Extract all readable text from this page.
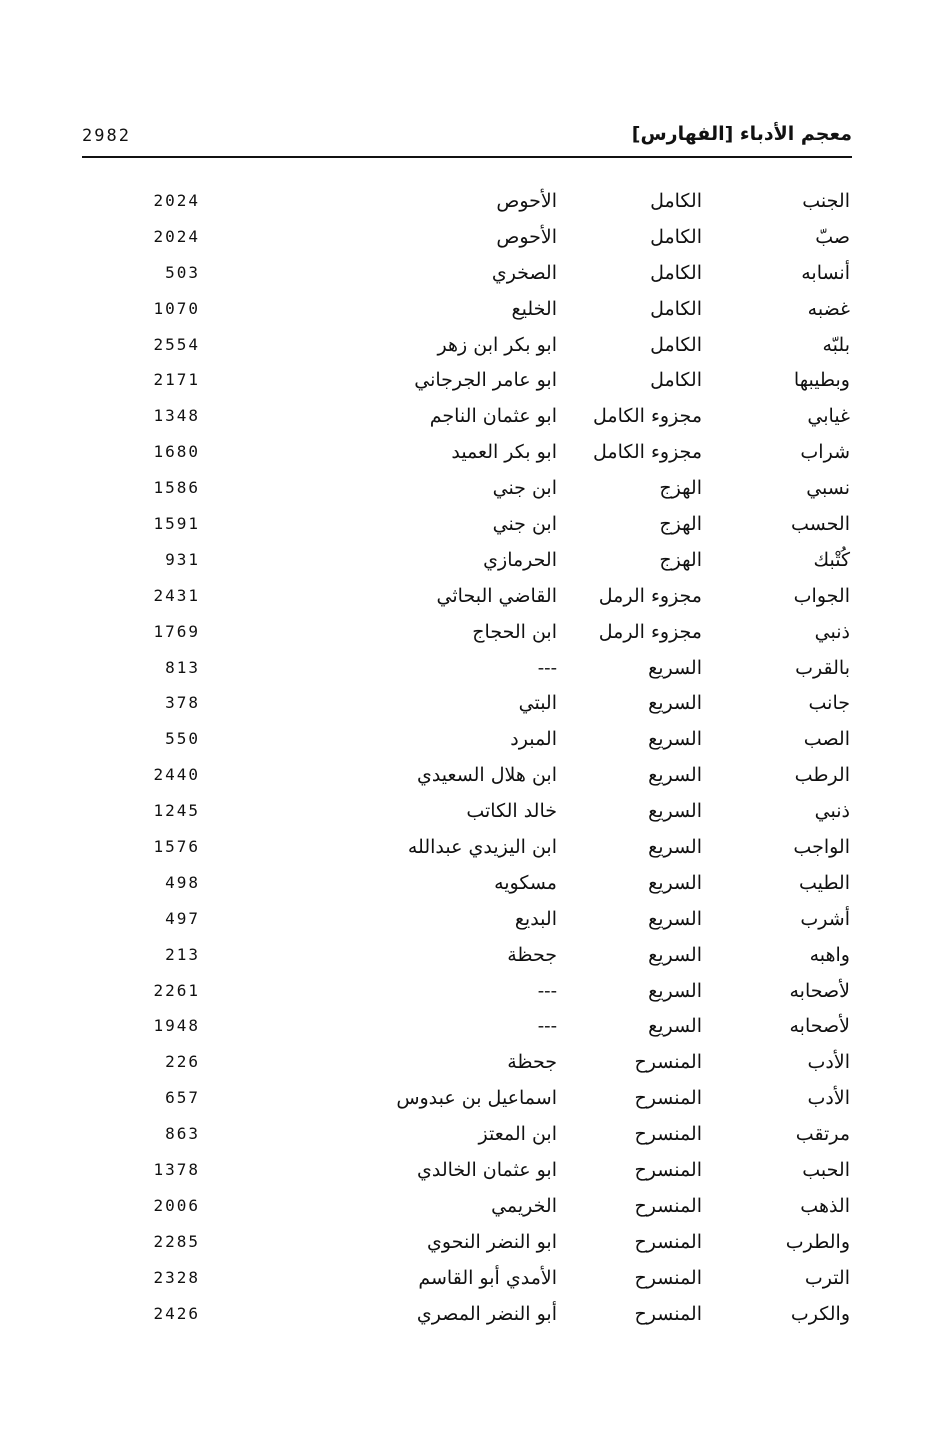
2982	معجم الأدباء [الفهارس]
الجنب
الكامل
الأحوص
2024
صبّ
الكامل
الأحوص
2024
أنسابه
الكامل
الصخري
503
غضبه
الكامل
الخليع
1070
بلبّه
الكامل
ابو بكر ابن زهر
2554
وبطيبها
الكامل
ابو عامر الجرجاني
2171
غيابي
مجزوء الكامل
ابو عثمان الناجم
1348
شراب
مجزوء الكامل
ابو بكر العميد
1680
نسبي
الهزج
ابن جني
1586
الحسب
الهزج
ابن جني
1591
كُتْبك
الهزج
الحرمازي
931
الجواب
مجزوء الرمل
القاضي البحاثي
2431
ذنبي
مجزوء الرمل
ابن الحجاج
1769
بالقرب
السريع
---
813
جانب
السريع
البتي
378
الصب
السريع
المبرد
550
الرطب
السريع
ابن هلال السعيدي
2440
ذنبي
السريع
خالد الكاتب
1245
الواجب
السريع
ابن اليزيدي عبدالله
1576
الطيب
السريع
مسكويه
498
أشرب
السريع
البديع
497
واهبه
السريع
جحظة
213
لأصحابه
السريع
---
2261
لأصحابه
السريع
---
1948
الأدب
المنسرح
جحظة
226
الأدب
المنسرح
اسماعيل بن عبدوس
657
مرتقب
المنسرح
ابن المعتز
863
الحبب
المنسرح
ابو عثمان الخالدي
1378
الذهب
المنسرح
الخريمي
2006
والطرب
المنسرح
ابو النضر النحوي
2285
الترب
المنسرح
الأمدي أبو القاسم
2328
والكرب
المنسرح
أبو النضر المصري
2426
